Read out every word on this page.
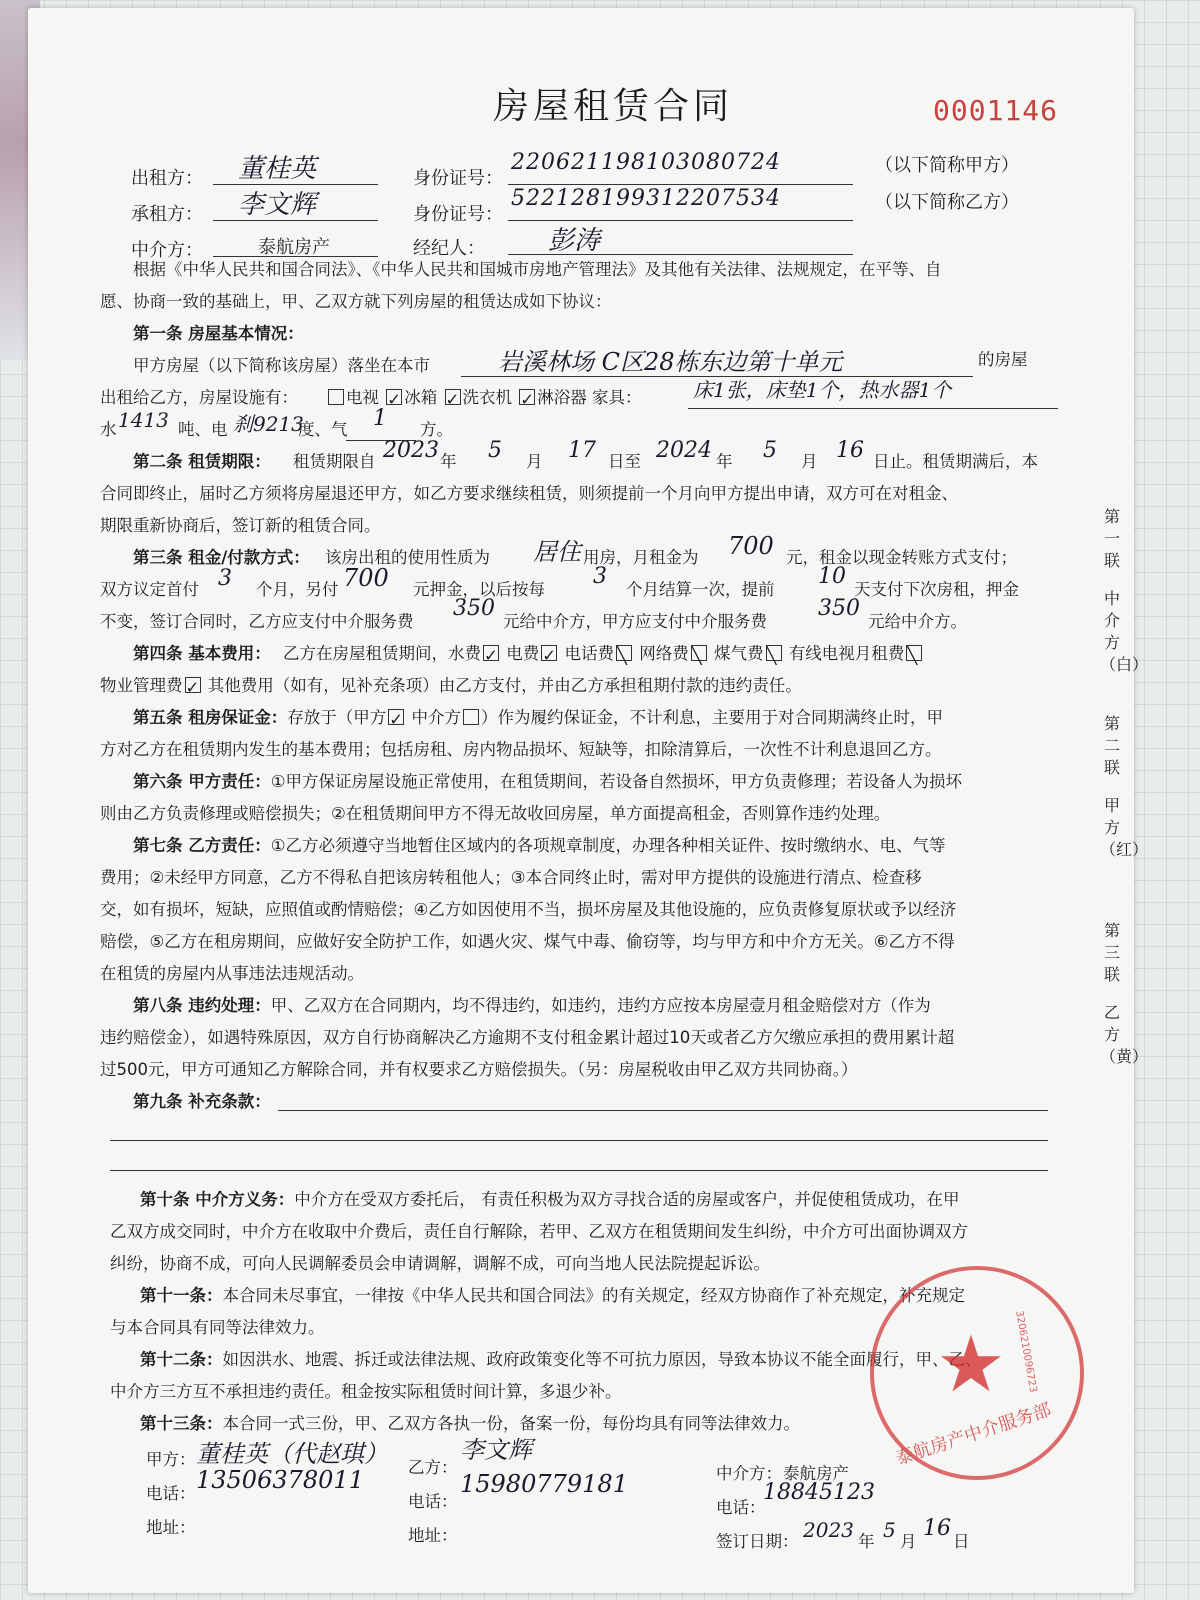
房屋租赁合同	0001146
出租方： 董桂英	身份证号：
220621198103080724	（以下简称甲方）
承租方： 李文辉	身份证号：
522128199312207534	（以下简称乙方）
中介方：	泰航房产	经纪人： 彭涛
根据《中华人民共和国合同法》、《中华人民共和国城市房地产管理法》及其他有关法律、法规规定，在平等、自
愿、协商一致的基础上，甲、乙双方就下列房屋的租赁达成如下协议：
第一条 房屋基本情况：
甲方房屋（以下简称该房屋）落坐在本市	岩溪林场 C区28栋东边第十单元	的房屋
出租给乙方，房屋设施有：	电视 ✓ 冰箱 ✓ 洗衣机 ✓ 淋浴器 家具：	床1张，床垫1个，热水器1个
水 1413 吨、电 刹9213
度、气 1 方。
第二条 租赁期限： 租赁期限自 2023 年 5 月 17 日至 2024 年 5 月 16 日止。租赁期满后，本
合同即终止，届时乙方须将房屋退还甲方，如乙方要求继续租赁，则须提前一个月向甲方提出申请，双方可在对租金、
期限重新协商后，签订新的租赁合同。
第三条 租金/付款方式： 该房出租的使用性质为 居住 用房，月租金为 700 元，租金以现金转账方式支付；
双方议定首付 3 个月，另付 700 元押金，以后按每
3
个月结算一次，提前
10
天支付下次房租，押金
不变，签订合同时，乙方应支付中介服务费
350
元给中介方，甲方应支付中介服务费
350
元给中介方。
第四条 基本费用： 乙方在房屋租赁期间，水费 ✓ 电费 ✓ 电话费 ╲ 网络费 ╲ 煤气费 ╲ 有线电视月租费 ╲
物业管理费 ✓ 其他费用（如有，见补充条项）由乙方支付，并由乙方承担租期付款的违约责任。
第五条 租房保证金：存放于（甲方 ✓ 中介方 ）作为履约保证金，不计利息，主要用于对合同期满终止时，甲
方对乙方在租赁期内发生的基本费用；包括房租、房内物品损坏、短缺等，扣除清算后，一次性不计利息退回乙方。
第六条 甲方责任：①甲方保证房屋设施正常使用，在租赁期间，若设备自然损坏，甲方负责修理；若设备人为损坏
则由乙方负责修理或赔偿损失；②在租赁期间甲方不得无故收回房屋，单方面提高租金，否则算作违约处理。
第七条 乙方责任：①乙方必须遵守当地暂住区域内的各项规章制度，办理各种相关证件、按时缴纳水、电、气等
费用；②未经甲方同意，乙方不得私自把该房转租他人；③本合同终止时，需对甲方提供的设施进行清点、检查移
交，如有损坏，短缺，应照值或酌情赔偿；④乙方如因使用不当，损坏房屋及其他设施的，应负责修复原状或予以经济
赔偿，⑤乙方在租房期间，应做好安全防护工作，如遇火灾、煤气中毒、偷窃等，均与甲方和中介方无关。⑥乙方不得
在租赁的房屋内从事违法违规活动。
第八条 违约处理：甲、乙双方在合同期内，均不得违约，如违约，违约方应按本房屋壹月租金赔偿对方（作为
违约赔偿金），如遇特殊原因，双方自行协商解决乙方逾期不支付租金累计超过10天或者乙方欠缴应承担的费用累计超
过500元，甲方可通知乙方解除合同，并有权要求乙方赔偿损失。（另：房屋税收由甲乙双方共同协商。）
第九条 补充条款：
第十条 中介方义务：中介方在受双方委托后， 有责任积极为双方寻找合适的房屋或客户，并促使租赁成功，在甲
乙双方成交同时，中介方在收取中介费后，责任自行解除，若甲、乙双方在租赁期间发生纠纷，中介方可出面协调双方
纠纷，协商不成，可向人民调解委员会申请调解，调解不成，可向当地人民法院提起诉讼。
第十一条：本合同未尽事宜，一律按《中华人民共和国合同法》的有关规定，经双方协商作了补充规定，补充规定
与本合同具有同等法律效力。
第十二条：如因洪水、地震、拆迁或法律法规、政府政策变化等不可抗力原因，导致本协议不能全面履行，甲、乙、
中介方三方互不承担违约责任。租金按实际租赁时间计算，多退少补。
第十三条：本合同一式三份，甲、乙双方各执一份，备案一份，每份均具有同等法律效力。
甲方： 董桂英（代赵琪）
电话： 13506378011
地址：
乙方：
李文辉
电话：
15980779181
地址：
中介方： 泰航房产
电话：
18845123
签订日期： 2023 年 5 月
16
日
★
泰航房产中介服务部
3206210096723
第一联
中介方（白）
第二联
甲方（红）
第三联
乙方（黄）
